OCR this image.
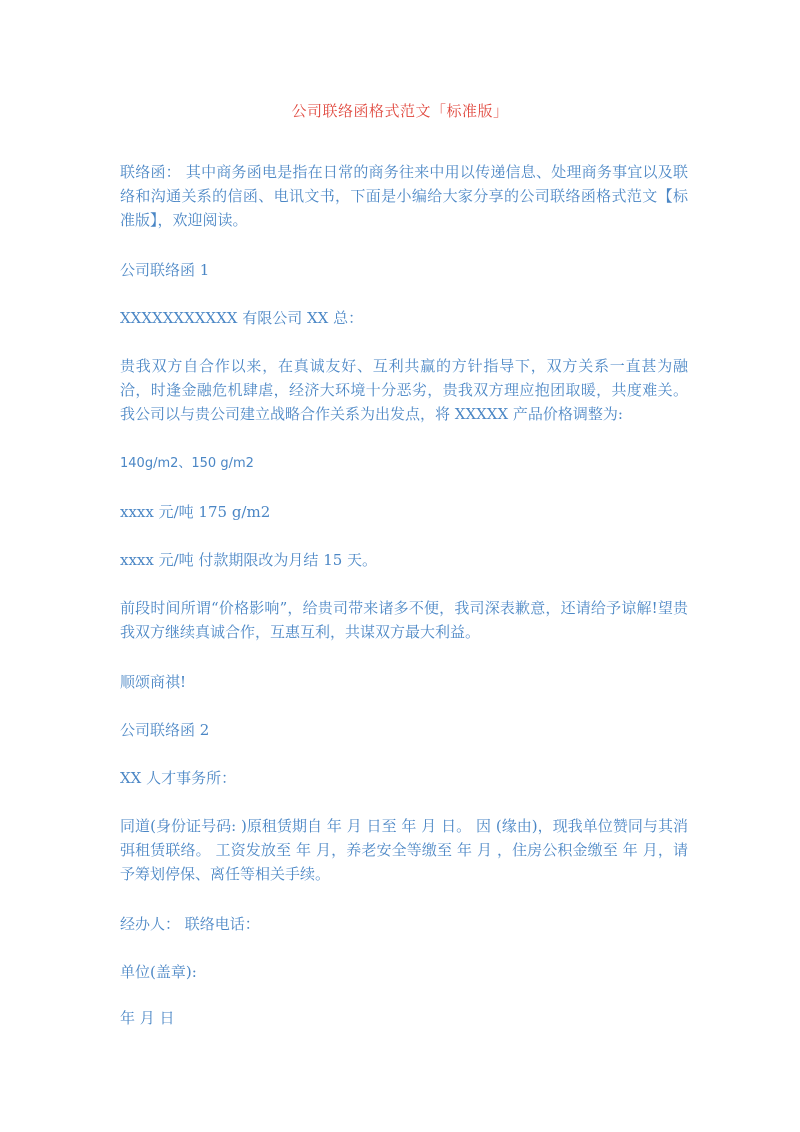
公司联络函格式范文「标准版」
联络函： 其中商务函电是指在日常的商务往来中用以传递信息、处理商务事宜以及联络和沟通关系的信函、电讯文书，下面是小编给大家分享的公司联络函格式范文【标准版】，欢迎阅读。
公司联络函 1
XXXXXXXXXXX 有限公司 XX 总：
贵我双方自合作以来，在真诚友好、互利共赢的方针指导下，双方关系一直甚为融洽，时逢金融危机肆虐，经济大环境十分恶劣，贵我双方理应抱团取暖，共度难关。我公司以与贵公司建立战略合作关系为出发点，将 XXXXX 产品价格调整为:
140g/m2、150 g/m2
xxxx 元/吨 175 g/m2
xxxx 元/吨 付款期限改为月结 15 天。
前段时间所谓“价格影响”，给贵司带来诸多不便，我司深表歉意，还请给予谅解!望贵我双方继续真诚合作，互惠互利，共谋双方最大利益。
顺颂商祺!
公司联络函 2
XX 人才事务所：
同道(身份证号码: )原租赁期自 年 月 日至 年 月 日。 因 (缘由)，现我单位赞同与其消弭租赁联络。 工资发放至 年 月，养老安全等缴至 年 月 ，住房公积金缴至 年 月，请予筹划停保、离任等相关手续。
经办人： 联络电话：
单位(盖章):
年 月 日
